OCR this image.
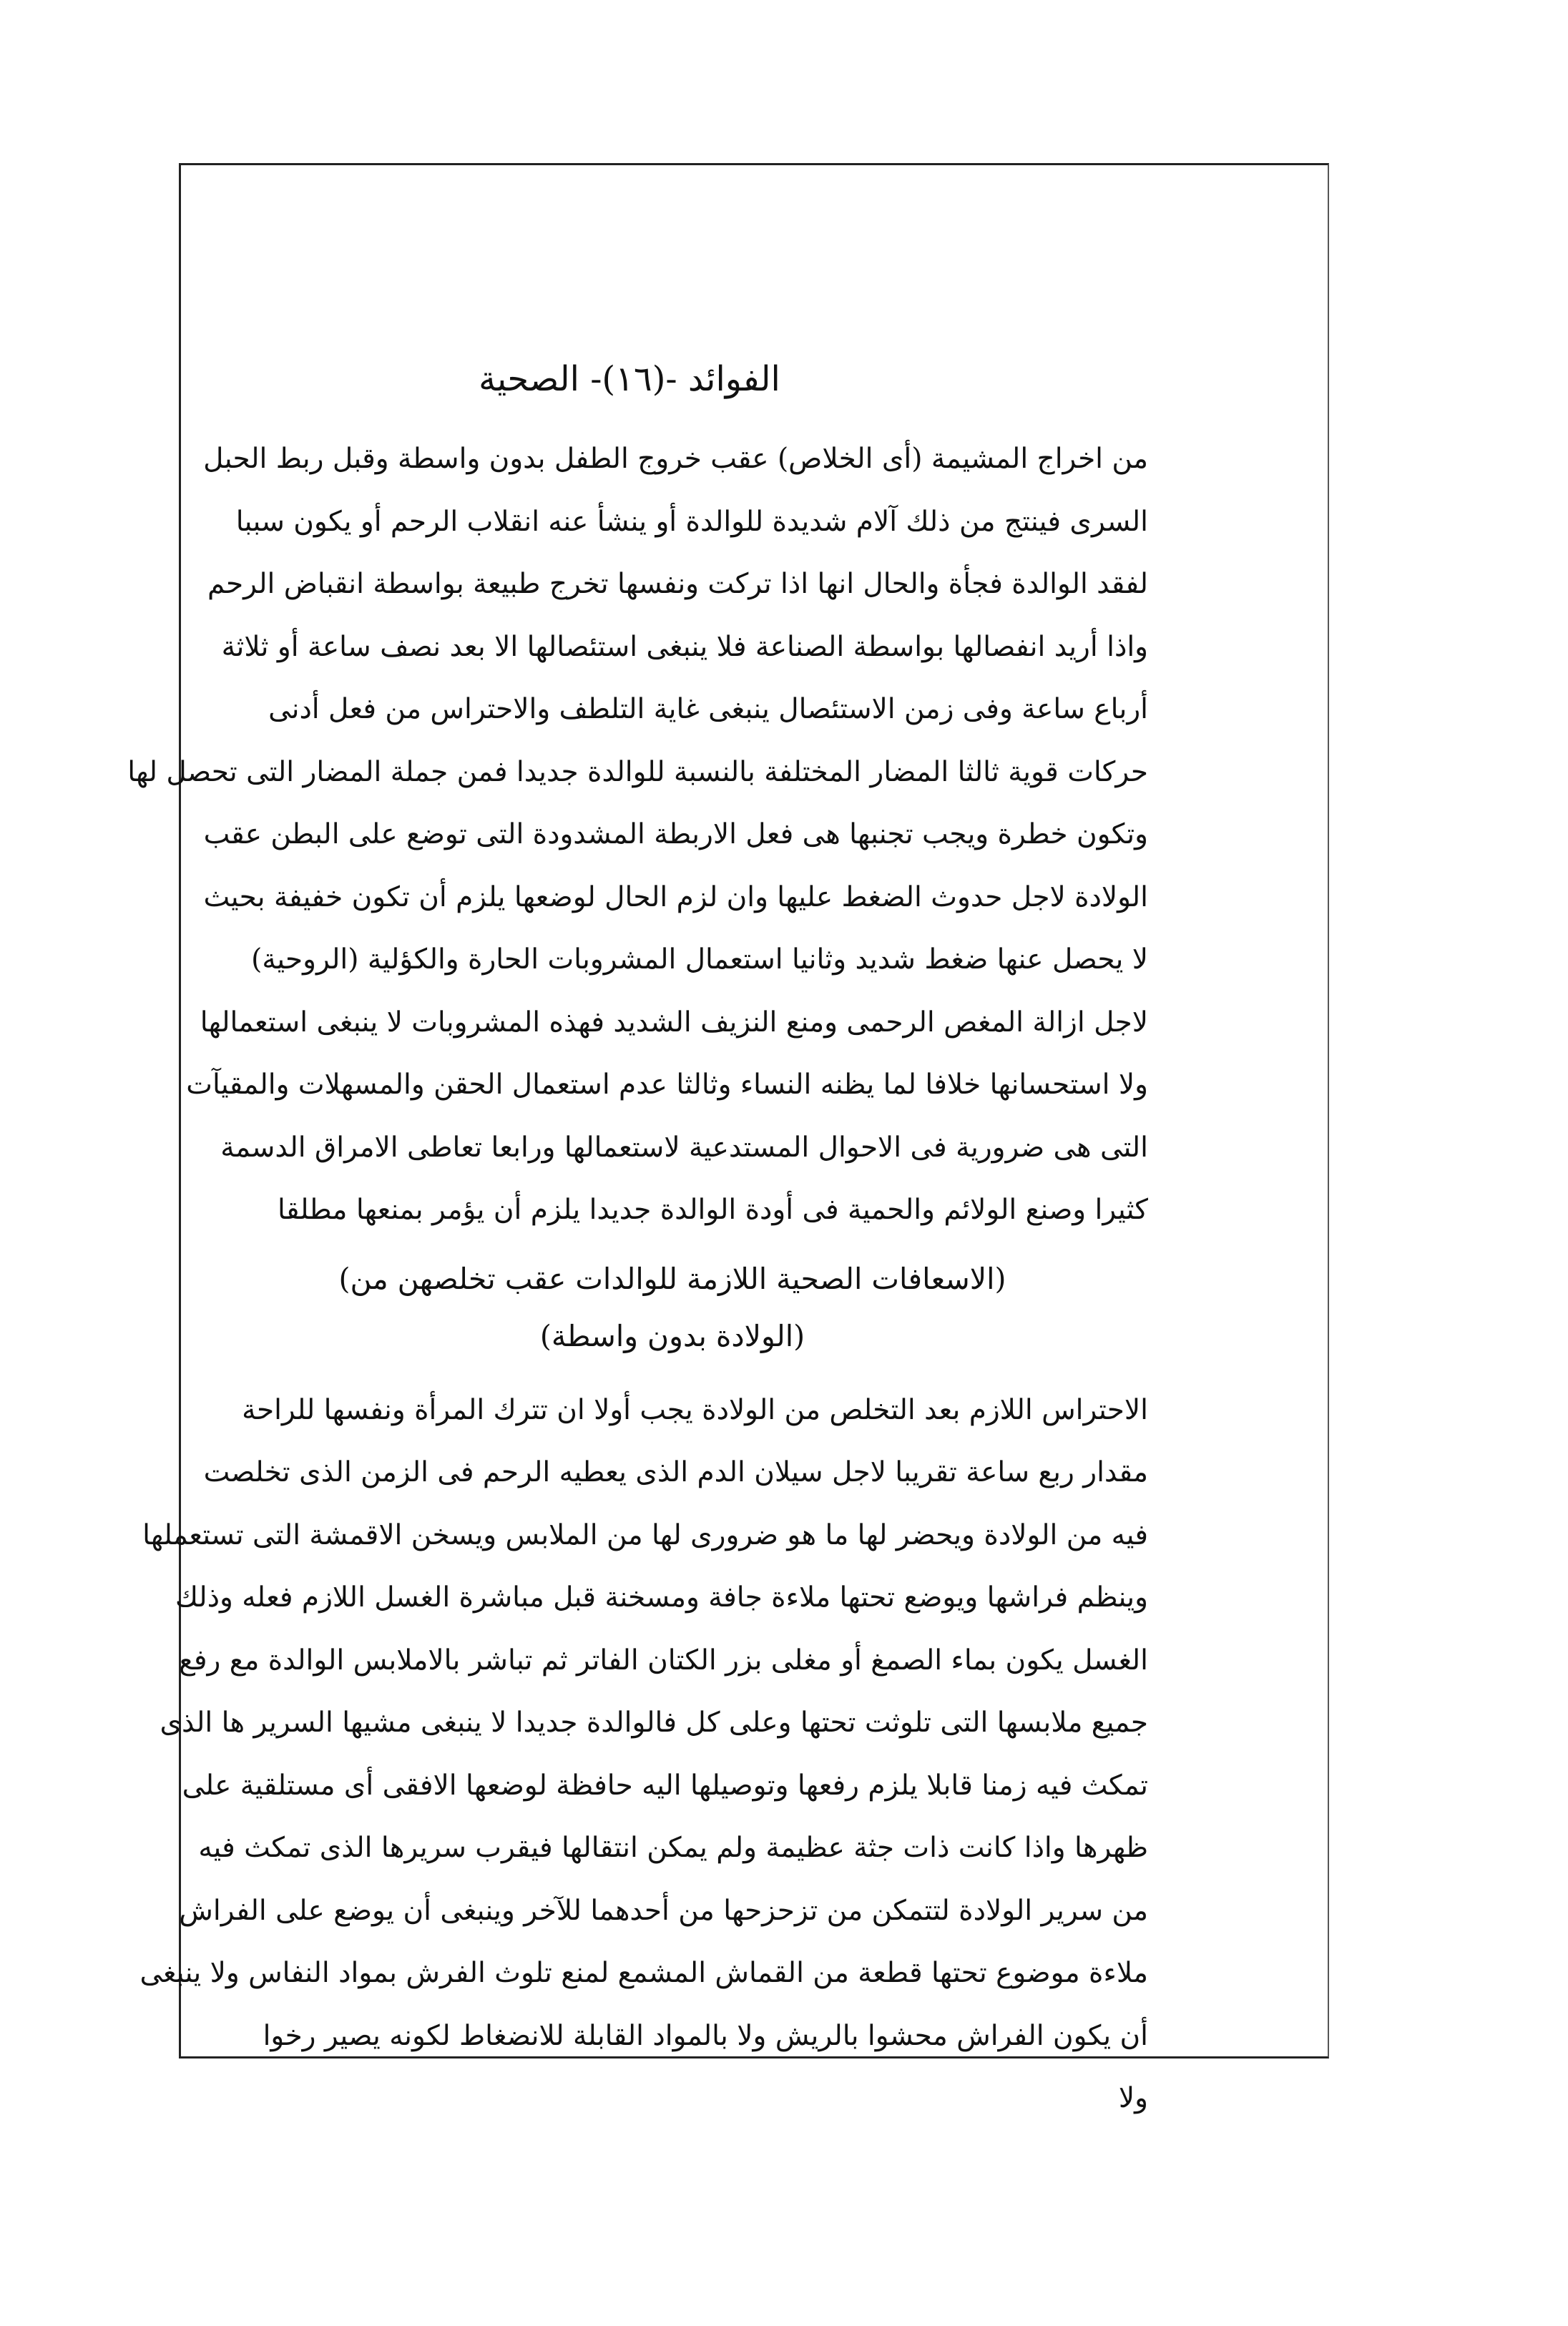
الفوائد -(١٦)- الصحية
من اخراج المشيمة (أى الخلاص) عقب خروج الطفل بدون واسطة وقبل ربط الحبل
السرى فينتج من ذلك آلام شديدة للوالدة أو ينشأ عنه انقلاب الرحم أو يكون سببا
لفقد الوالدة فجأة والحال انها اذا تركت ونفسها تخرج طبيعة بواسطة انقباض الرحم
واذا أريد انفصالها بواسطة الصناعة فلا ينبغى استئصالها الا بعد نصف ساعة أو ثلاثة
أرباع ساعة وفى زمن الاستئصال ينبغى غاية التلطف والاحتراس من فعل أدنى
حركات قوية ثالثا المضار المختلفة بالنسبة للوالدة جديدا فمن جملة المضار التى تحصل لها
وتكون خطرة ويجب تجنبها هى فعل الاربطة المشدودة التى توضع على البطن عقب
الولادة لاجل حدوث الضغط عليها وان لزم الحال لوضعها يلزم أن تكون خفيفة بحيث
لا يحصل عنها ضغط شديد وثانيا استعمال المشروبات الحارة والكؤلية (الروحية)
لاجل ازالة المغص الرحمى ومنع النزيف الشديد فهذه المشروبات لا ينبغى استعمالها
ولا استحسانها خلافا لما يظنه النساء وثالثا عدم استعمال الحقن والمسهلات والمقيآت
التى هى ضرورية فى الاحوال المستدعية لاستعمالها ورابعا تعاطى الامراق الدسمة
كثيرا وصنع الولائم والحمية فى أودة الوالدة جديدا يلزم أن يؤمر بمنعها مطلقا
(الاسعافات الصحية اللازمة للوالدات عقب تخلصهن من)
(الولادة بدون واسطة)
الاحتراس اللازم بعد التخلص من الولادة يجب أولا ان تترك المرأة ونفسها للراحة
مقدار ربع ساعة تقريبا لاجل سيلان الدم الذى يعطيه الرحم فى الزمن الذى تخلصت
فيه من الولادة ويحضر لها ما هو ضرورى لها من الملابس ويسخن الاقمشة التى تستعملها
وينظم فراشها ويوضع تحتها ملاءة جافة ومسخنة قبل مباشرة الغسل اللازم فعله وذلك
الغسل يكون بماء الصمغ أو مغلى بزر الكتان الفاتر ثم تباشر بالاملابس الوالدة مع رفع
جميع ملابسها التى تلوثت تحتها وعلى كل فالوالدة جديدا لا ينبغى مشيها السرير ها الذى
تمكث فيه زمنا قابلا يلزم رفعها وتوصيلها اليه حافظة لوضعها الافقى أى مستلقية على
ظهرها واذا كانت ذات جثة عظيمة ولم يمكن انتقالها فيقرب سريرها الذى تمكث فيه
من سرير الولادة لتتمكن من تزحزحها من أحدهما للآخر وينبغى أن يوضع على الفراش
ملاءة موضوع تحتها قطعة من القماش المشمع لمنع تلوث الفرش بمواد النفاس ولا ينبغى
أن يكون الفراش محشوا بالريش ولا بالمواد القابلة للانضغاط لكونه يصير رخوا
ولا
